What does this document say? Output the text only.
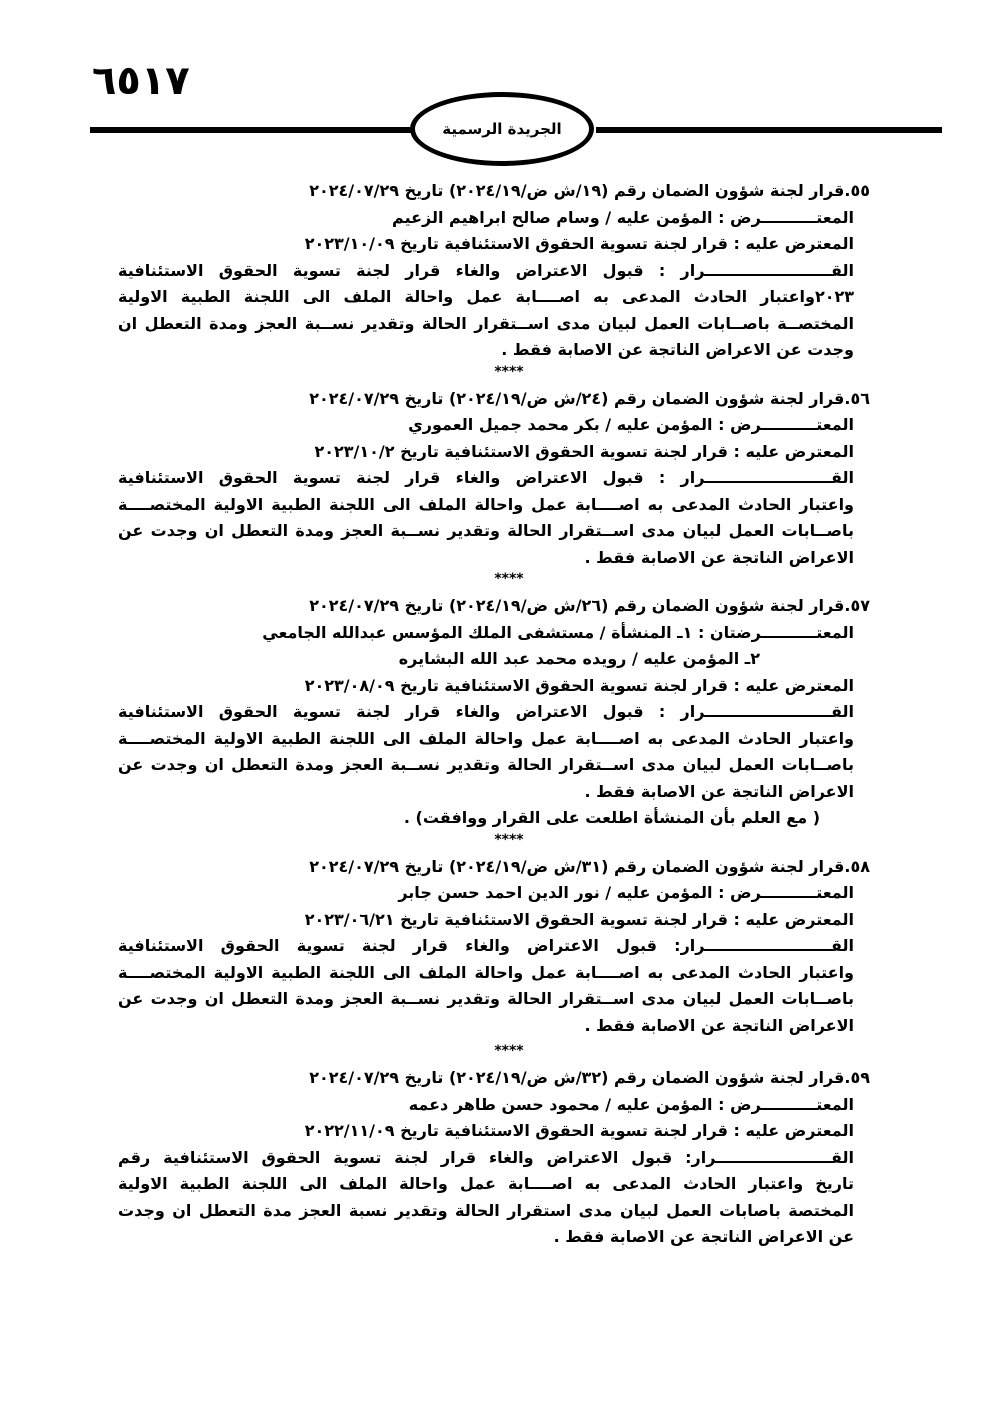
٧١٥٦
الجريدة الرسمية
٥٥.قرار لجنة شؤون الضمان رقم (١٩/ش ض/٢٠٢٤/١٩) تاريخ ٢٠٢٤/٠٧/٢٩
المعتــــــــــرض : المؤمن عليه / وسام صالح ابراهيم الزعيم
المعترض عليه : قرار لجنة تسوية الحقوق الاستئنافية تاريخ ٢٠٢٣/١٠/٠٩
القـــــــــــــــــــــــرار : قبول الاعتراض والغاء قرار لجنة تسوية الحقوق الاستئنافية
٢٠٢٣واعتبار الحادث المدعى به اصــــابة عمل واحالة الملف الى اللجنة الطبية الاولية
المختصــة باصــابات العمل لبيان مدى اســتقرار الحالة وتقدير نســبة العجز ومدة التعطل ان
وجدت عن الاعراض الناتجة عن الاصابة فقط .
****
٥٦.قرار لجنة شؤون الضمان رقم (٢٤/ش ض/٢٠٢٤/١٩) تاريخ ٢٠٢٤/٠٧/٢٩
المعتــــــــــرض : المؤمن عليه / بكر محمد جميل العموري
المعترض عليه : قرار لجنة تسوية الحقوق الاستئنافية تاريخ ٢٠٢٣/١٠/٢
القـــــــــــــــــــــــرار : قبول الاعتراض والغاء قرار لجنة تسوية الحقوق الاستئنافية
واعتبار الحادث المدعى به اصــــابة عمل واحالة الملف الى اللجنة الطبية الاولية المختصــــة
باصــابات العمل لبيان مدى اســتقرار الحالة وتقدير نســبة العجز ومدة التعطل ان وجدت عن
الاعراض الناتجة عن الاصابة فقط .
****
٥٧.قرار لجنة شؤون الضمان رقم (٢٦/ش ض/٢٠٢٤/١٩) تاريخ ٢٠٢٤/٠٧/٢٩
المعتــــــــــرضتان : ١ـ المنشأة / مستشفى الملك المؤسس عبدالله الجامعي
٢ـ المؤمن عليه / رويده محمد عبد الله البشايره
المعترض عليه : قرار لجنة تسوية الحقوق الاستئنافية تاريخ ٢٠٢٣/٠٨/٠٩
القـــــــــــــــــــــــرار : قبول الاعتراض والغاء قرار لجنة تسوية الحقوق الاستئنافية
واعتبار الحادث المدعى به اصــــابة عمل واحالة الملف الى اللجنة الطبية الاولية المختصــــة
باصــابات العمل لبيان مدى اســتقرار الحالة وتقدير نســبة العجز ومدة التعطل ان وجدت عن
الاعراض الناتجة عن الاصابة فقط .
( مع العلم بأن المنشأة اطلعت على القرار ووافقت) .
****
٥٨.قرار لجنة شؤون الضمان رقم (٣١/ش ض/٢٠٢٤/١٩) تاريخ ٢٠٢٤/٠٧/٢٩
المعتــــــــــرض : المؤمن عليه / نور الدين احمد حسن جابر
المعترض عليه : قرار لجنة تسوية الحقوق الاستئنافية تاريخ ٢٠٢٣/٠٦/٢١
القـــــــــــــــــــــــرار: قبول الاعتراض والغاء قرار لجنة تسوية الحقوق الاستئنافية
واعتبار الحادث المدعى به اصــــابة عمل واحالة الملف الى اللجنة الطبية الاولية المختصــــة
باصــابات العمل لبيان مدى اســتقرار الحالة وتقدير نســبة العجز ومدة التعطل ان وجدت عن
الاعراض الناتجة عن الاصابة فقط .
****
٥٩.قرار لجنة شؤون الضمان رقم (٣٢/ش ض/٢٠٢٤/١٩) تاريخ ٢٠٢٤/٠٧/٢٩
المعتــــــــــرض : المؤمن عليه / محمود حسن طاهر دعمه
المعترض عليه : قرار لجنة تسوية الحقوق الاستئنافية تاريخ ٢٠٢٢/١١/٠٩
القـــــــــــــــــــــرار: قبول الاعتراض والغاء قرار لجنة تسوية الحقوق الاستئنافية رقم
تاريخ واعتبار الحادث المدعى به اصــــابة عمل واحالة الملف الى اللجنة الطبية الاولية
المختصة باصابات العمل لبيان مدى استقرار الحالة وتقدير نسبة العجز مدة التعطل ان وجدت
عن الاعراض الناتجة عن الاصابة فقط .
